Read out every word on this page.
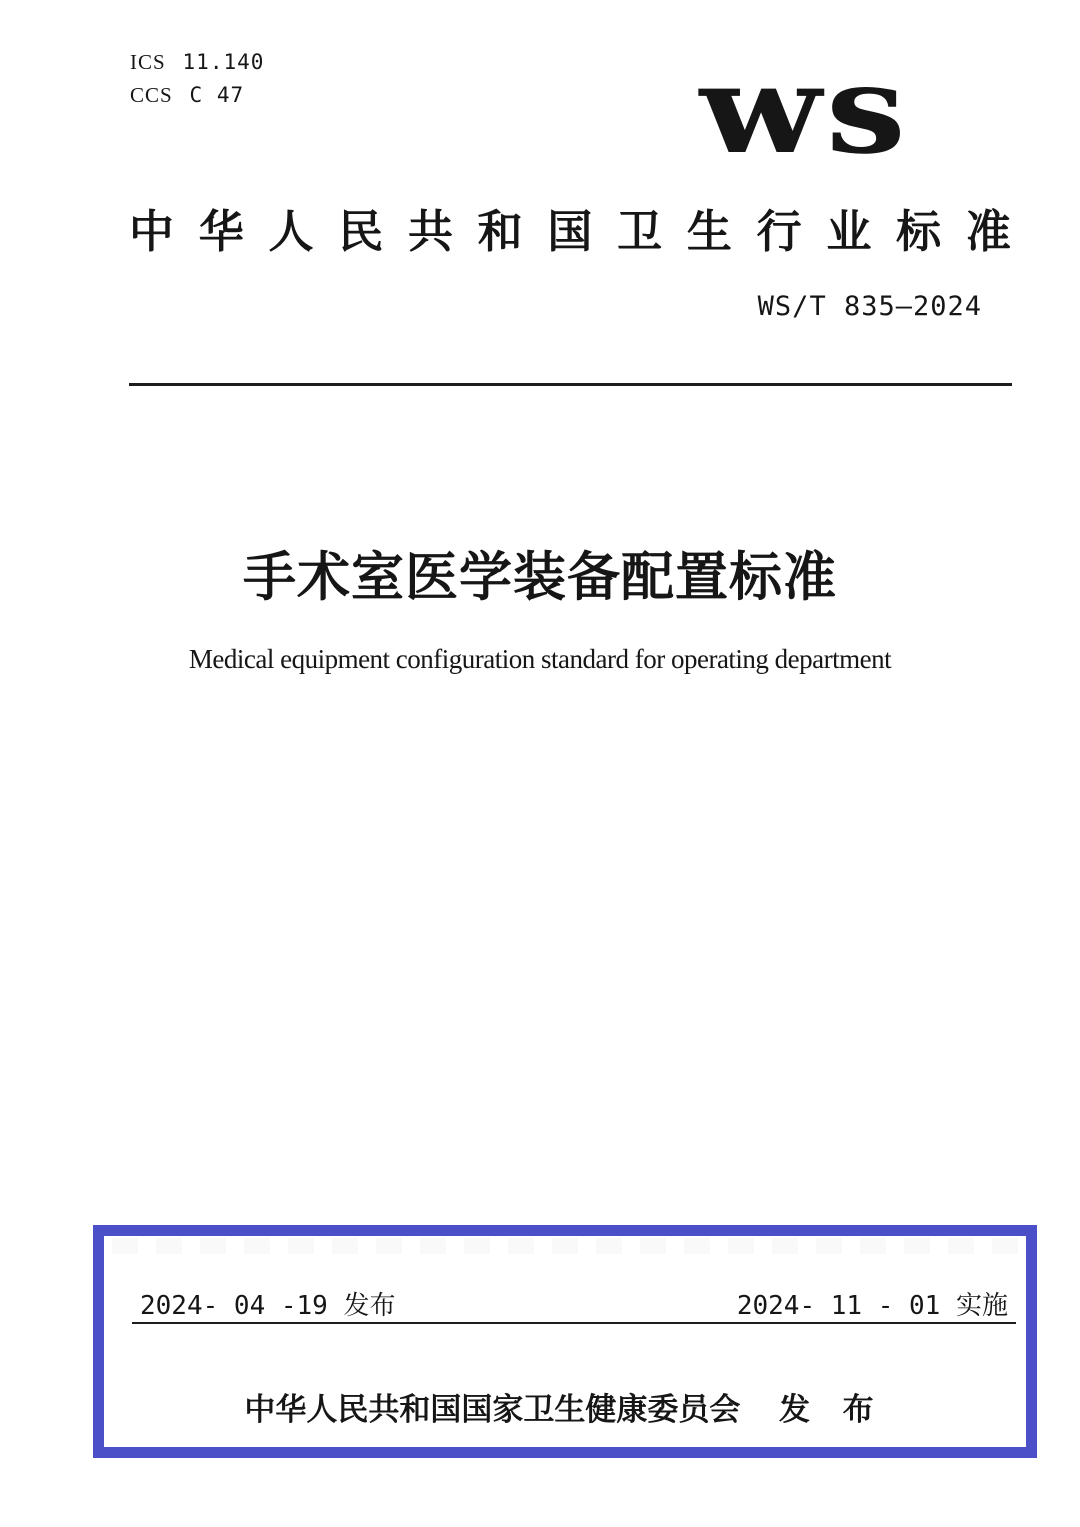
ICS 11.140
CCS C 47	ws
中 华 人 民 共 和 国 卫 生 行 业 标 准
WS/T 835—2024
手术室医学装备配置标准
Medical equipment configuration standard for operating department
2024- 04 -19 发布	2024- 11 - 01 实施
中华人民共和国国家卫生健康委员会 发 布
